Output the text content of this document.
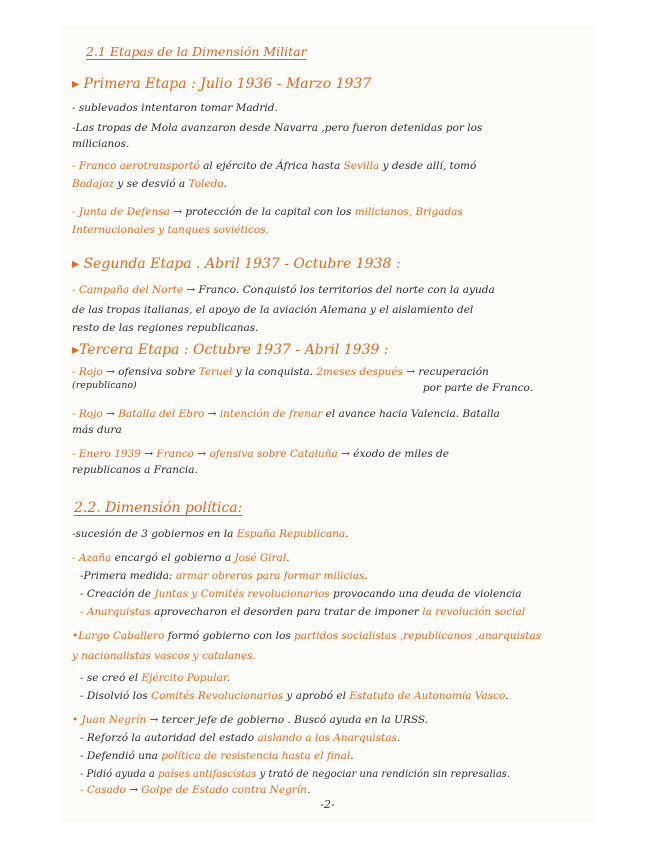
2.1 Etapas de la Dimensión Militar
▸ Primera Etapa : Julio 1936 - Marzo 1937
- sublevados intentaron tomar Madrid.
-Las tropas de Mola avanzaron desde Navarra ,pero fueron detenidas por los
milicianos.
- Franco aerotransportó al ejército de África hasta Sevilla y desde allí, tomó
Badajoz y se desvió a Toledo.
- Junta de Defensa → protección de la capital con los milicianos, Brigadas
Internacionales y tanques soviéticos.
▸ Segunda Etapa . Abril 1937 - Octubre 1938 :
- Campaña del Norte → Franco. Conquistó los territorios del norte con la ayuda
de las tropas italianas, el apoyo de la aviación Alemana y el aislamiento del
resto de las regiones republicanas.
▸Tercera Etapa : Octubre 1937 - Abril 1939 :
- Rojo → ofensiva sobre Teruel y la conquista. 2meses después → recuperación
(republicano)	por parte de Franco.
- Rojo → Batalla del Ebro → intención de frenar el avance hacia Valencia. Batalla
más dura
- Enero 1939 → Franco → ofensiva sobre Cataluña → éxodo de miles de
republicanos a Francia.
2.2. Dimensión política:
-sucesión de 3 gobiernos en la España Republicana.
- Azaña encargó el gobierno a José Giral.
-Primera medida: armar obreros para formar milicias.
- Creación de Juntas y Comités revolucionarios provocando una deuda de violencia
- Anarquistas aprovecharon el desorden para tratar de imponer la revolución social
•Largo Caballero formó gobierno con los partidos socialistas ,republicanos ,anarquistas
y nacionalistas vascos y catalanes.
- se creó el Ejército Popular.
- Disolvió los Comités Revolucionarios y aprobó el Estatuto de Autonomía Vasco.
• Juan Negrín → tercer jefe de gobierno . Buscó ayuda en la URSS.
- Reforzó la autoridad del estado aislando a los Anarquistas.
- Defendió una política de resistencia hasta el final.
- Pidió ayuda a países antifascistas y trató de negociar una rendición sin represalias.
- Casado → Golpe de Estado contra Negrín.
-2-
